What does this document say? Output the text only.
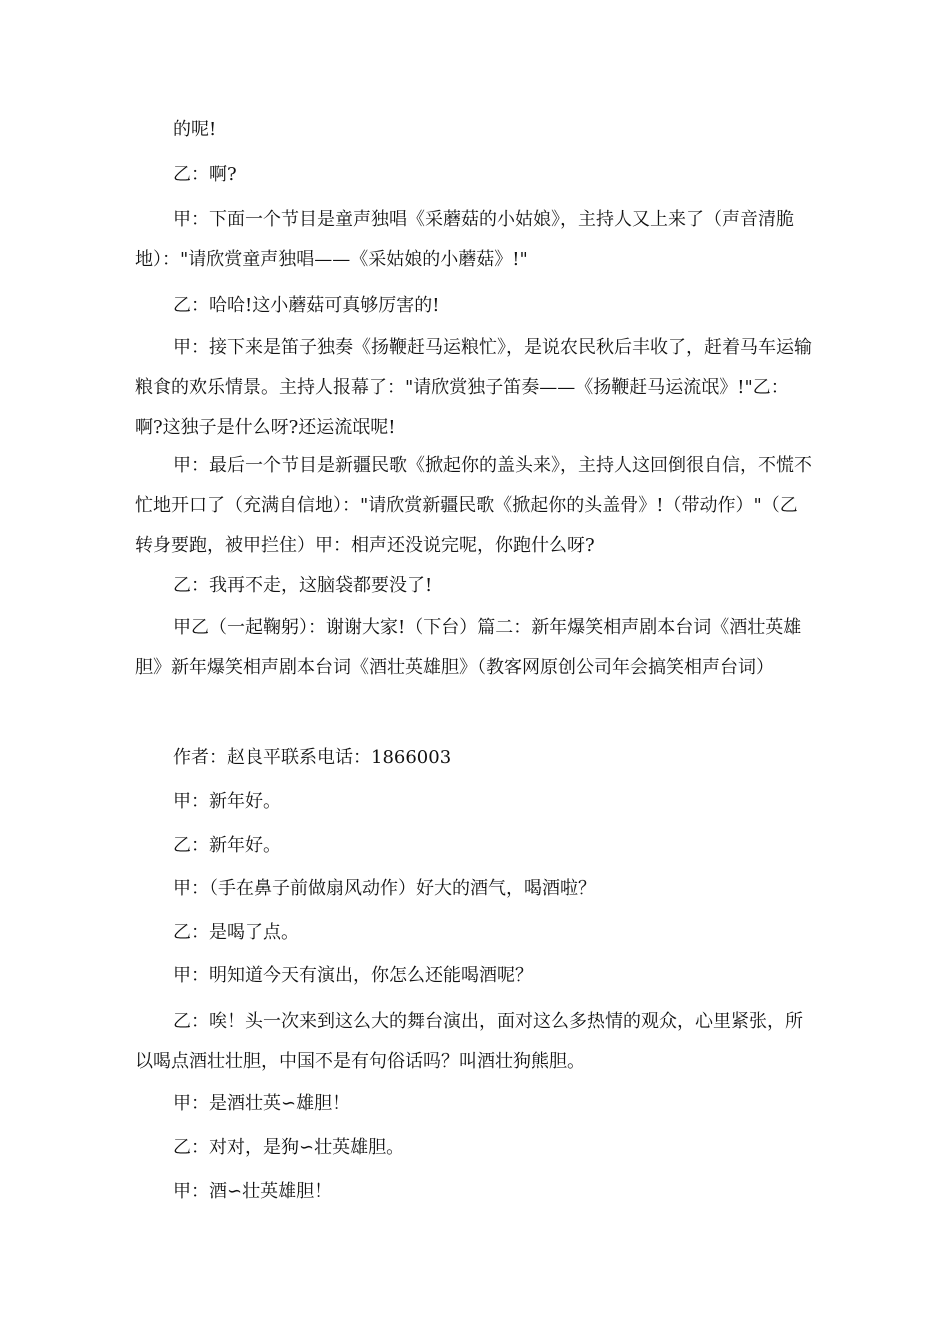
的呢!

乙：啊?

甲：下面一个节目是童声独唱《采蘑菇的小姑娘》，主持人又上来了（声音清脆地）："请欣赏童声独唱——《采姑娘的小蘑菇》!"

乙：哈哈!这小蘑菇可真够厉害的!

甲：接下来是笛子独奏《扬鞭赶马运粮忙》，是说农民秋后丰收了，赶着马车运输粮食的欢乐情景。主持人报幕了："请欣赏独子笛奏——《扬鞭赶马运流氓》!"乙：啊?这独子是什么呀?还运流氓呢!

甲：最后一个节目是新疆民歌《掀起你的盖头来》，主持人这回倒很自信，不慌不忙地开口了（充满自信地）："请欣赏新疆民歌《掀起你的头盖骨》!（带动作）"（乙转身要跑，被甲拦住）甲：相声还没说完呢，你跑什么呀?

乙：我再不走，这脑袋都要没了!

甲乙（一起鞠躬）：谢谢大家!（下台）篇二：新年爆笑相声剧本台词《酒壮英雄胆》新年爆笑相声剧本台词《酒壮英雄胆》（教客网原创公司年会搞笑相声台词）

作者：赵良平联系电话：1866003

甲：新年好。

乙：新年好。

甲：（手在鼻子前做扇风动作）好大的酒气，喝酒啦？

乙：是喝了点。

甲：明知道今天有演出，你怎么还能喝酒呢？

乙：唉！头一次来到这么大的舞台演出，面对这么多热情的观众，心里紧张，所以喝点酒壮壮胆，中国不是有句俗话吗？叫酒壮狗熊胆。

甲：是酒壮英∽雄胆！

乙：对对，是狗∽壮英雄胆。

甲：酒∽壮英雄胆！
